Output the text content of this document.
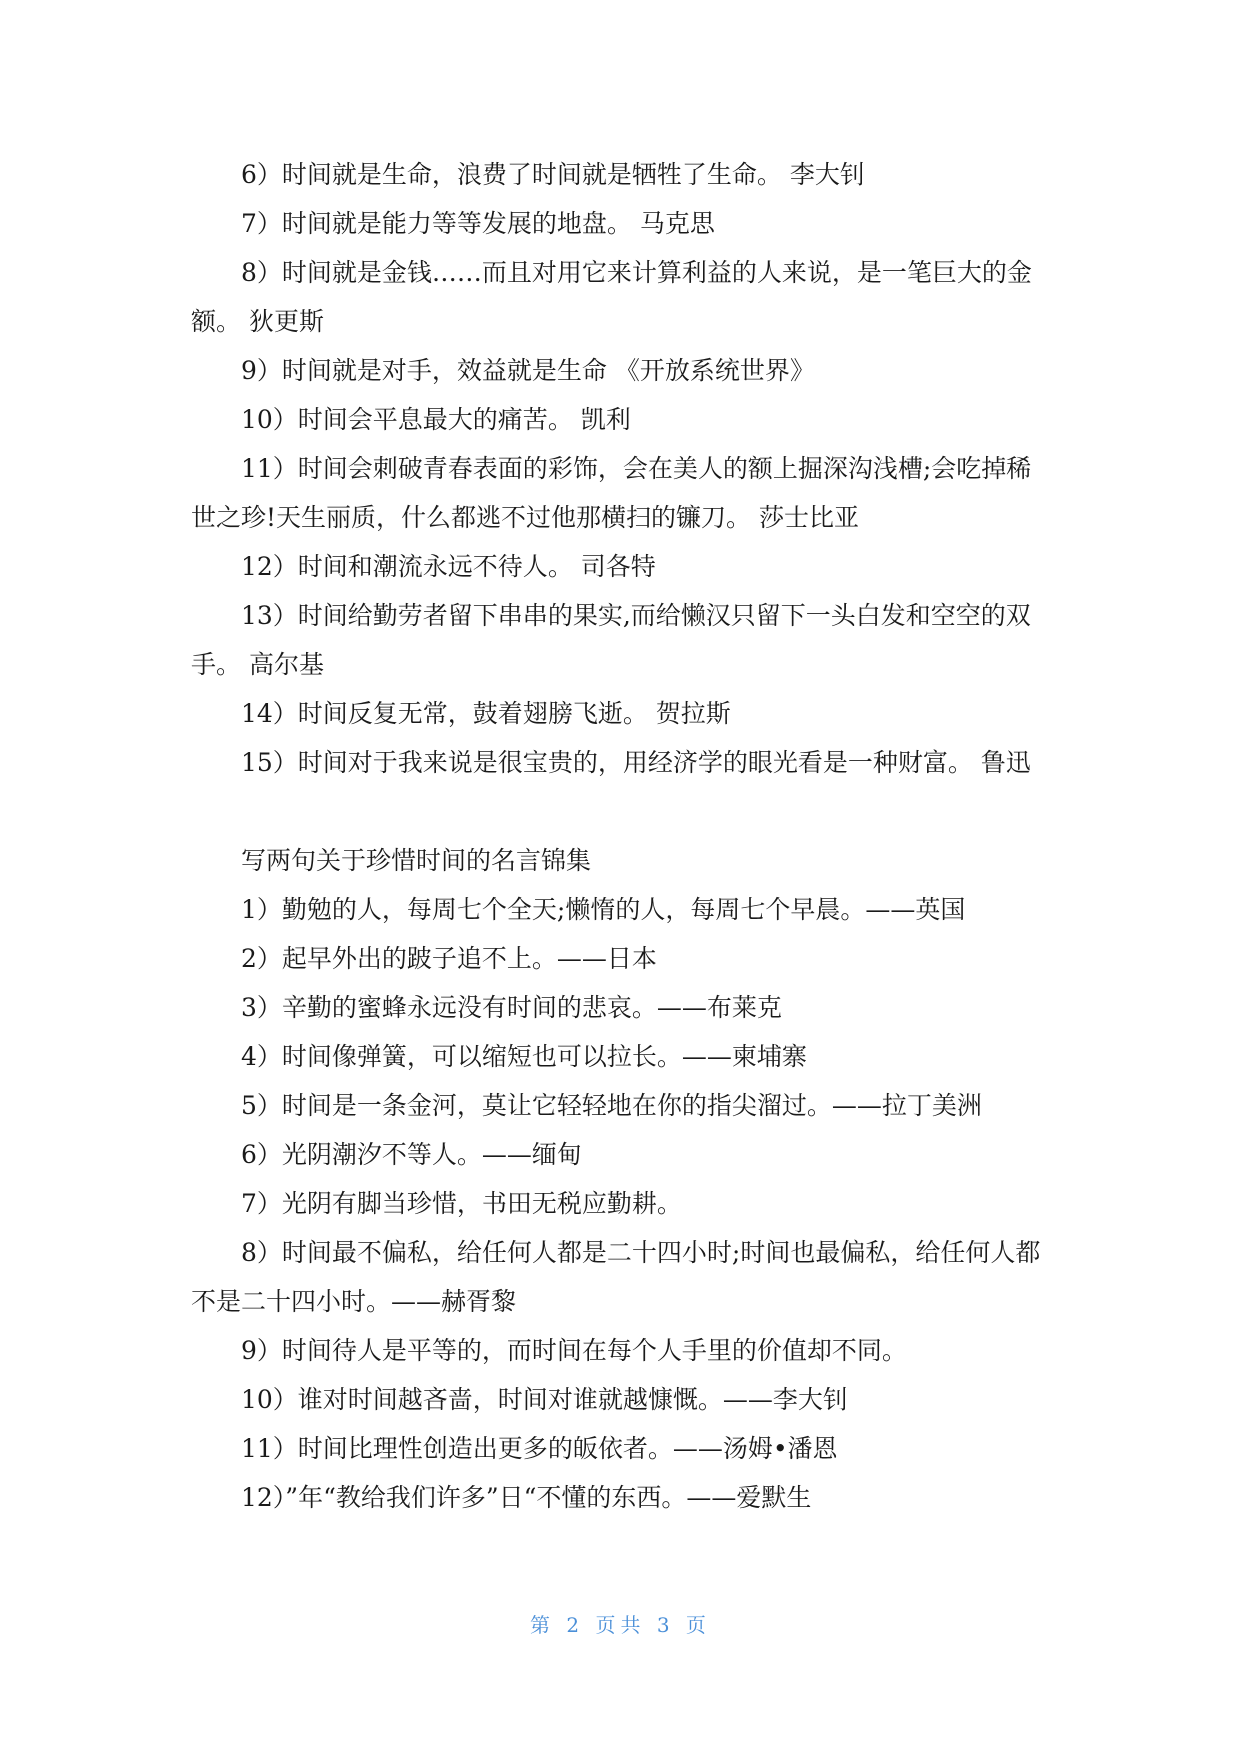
6）时间就是生命，浪费了时间就是牺牲了生命。 李大钊

7）时间就是能力等等发展的地盘。 马克思

8）时间就是金钱……而且对用它来计算利益的人来说，是一笔巨大的金额。 狄更斯

9）时间就是对手，效益就是生命 《开放系统世界》

10）时间会平息最大的痛苦。 凯利

11）时间会刺破青春表面的彩饰，会在美人的额上掘深沟浅槽;会吃掉稀世之珍!天生丽质，什么都逃不过他那横扫的镰刀。 莎士比亚

12）时间和潮流永远不待人。 司各特

13）时间给勤劳者留下串串的果实,而给懒汉只留下一头白发和空空的双手。 高尔基

14）时间反复无常，鼓着翅膀飞逝。 贺拉斯

15）时间对于我来说是很宝贵的，用经济学的眼光看是一种财富。 鲁迅

写两句关于珍惜时间的名言锦集

1）勤勉的人，每周七个全天;懒惰的人，每周七个早晨。——英国

2）起早外出的跛子追不上。——日本

3）辛勤的蜜蜂永远没有时间的悲哀。——布莱克

4）时间像弹簧，可以缩短也可以拉长。——柬埔寨

5）时间是一条金河，莫让它轻轻地在你的指尖溜过。——拉丁美洲

6）光阴潮汐不等人。——缅甸

7）光阴有脚当珍惜，书田无税应勤耕。

8）时间最不偏私，给任何人都是二十四小时;时间也最偏私，给任何人都不是二十四小时。——赫胥黎

9）时间待人是平等的，而时间在每个人手里的价值却不同。

10）谁对时间越吝啬，时间对谁就越慷慨。——李大钊

11）时间比理性创造出更多的皈依者。——汤姆•潘恩

12）”年“教给我们许多”日“不懂的东西。——爱默生

第 2 页共 3 页
